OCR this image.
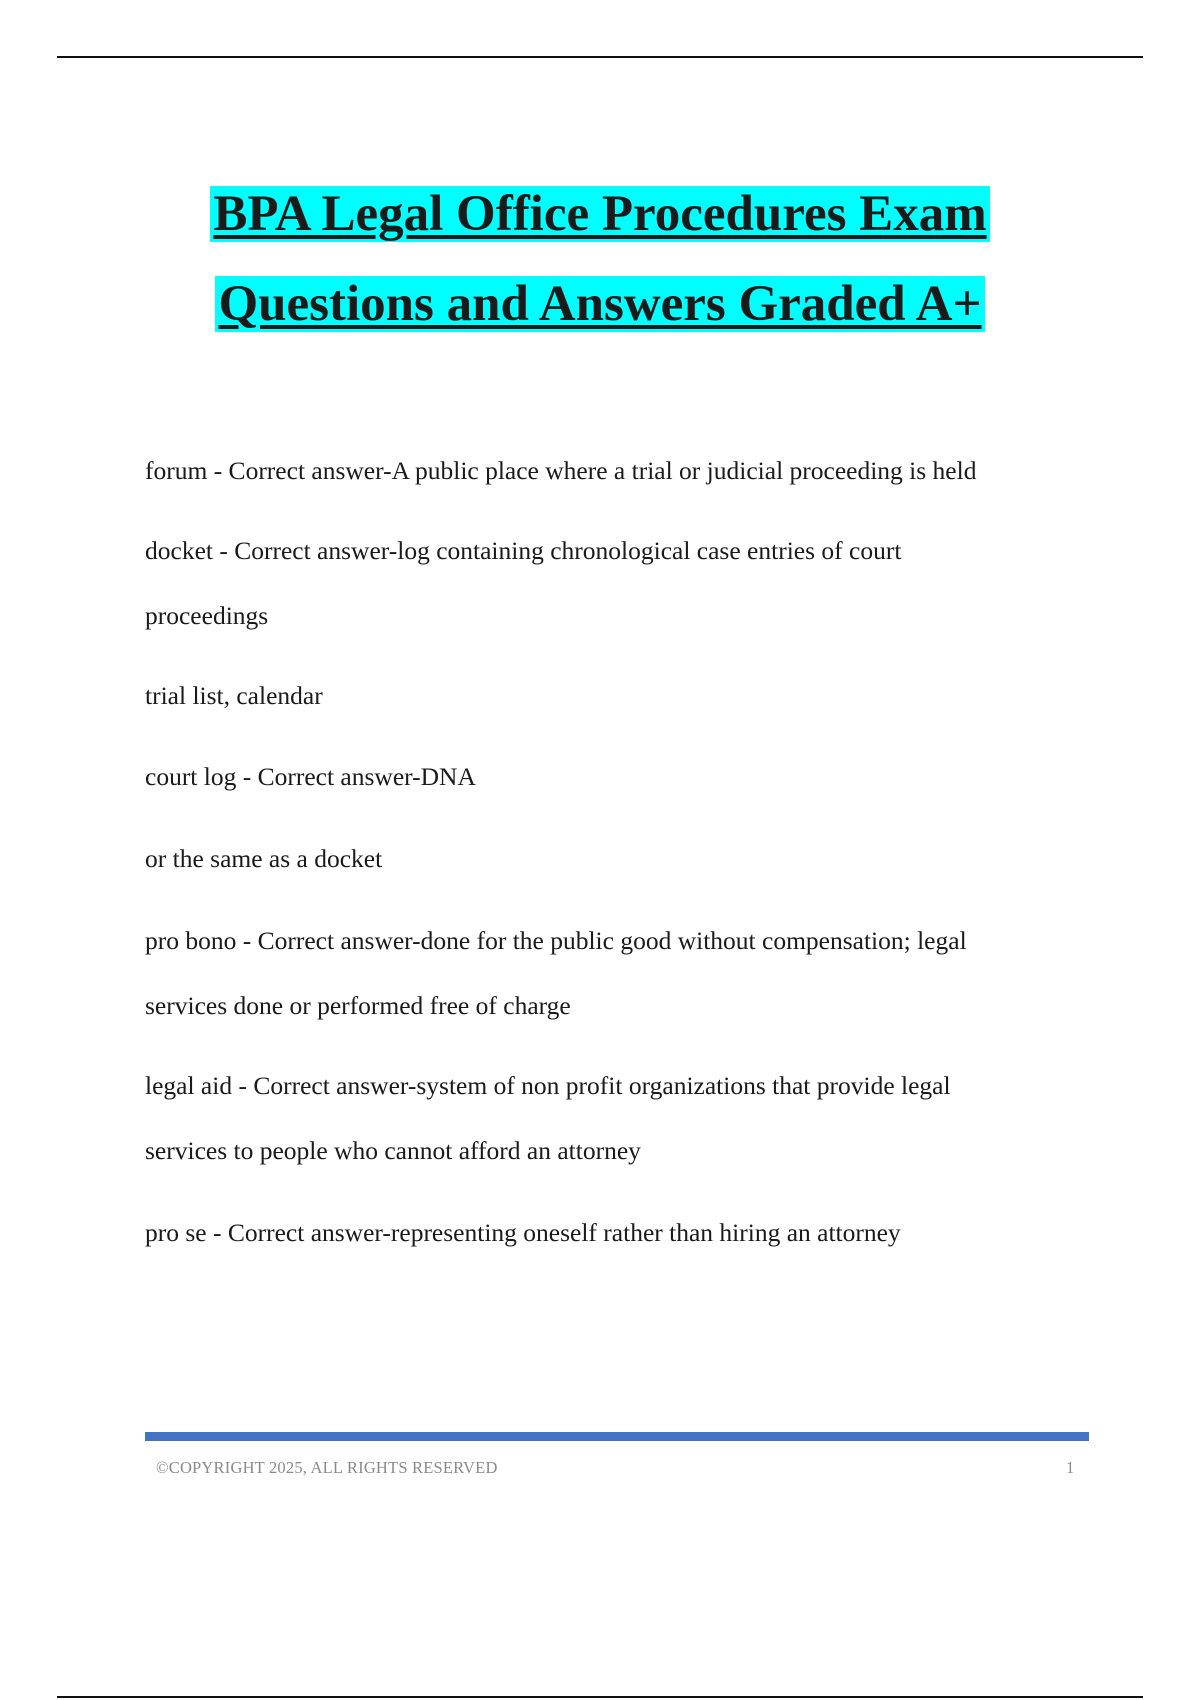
BPA Legal Office Procedures Exam
Questions and Answers Graded A+

forum - Correct answer-A public place where a trial or judicial proceeding is held

docket - Correct answer-log containing chronological case entries of court

proceedings

trial list, calendar

court log - Correct answer-DNA

or the same as a docket

pro bono - Correct answer-done for the public good without compensation; legal

services done or performed free of charge

legal aid - Correct answer-system of non profit organizations that provide legal

services to people who cannot afford an attorney

pro se - Correct answer-representing oneself rather than hiring an attorney

©COPYRIGHT 2025, ALL RIGHTS RESERVED	1
